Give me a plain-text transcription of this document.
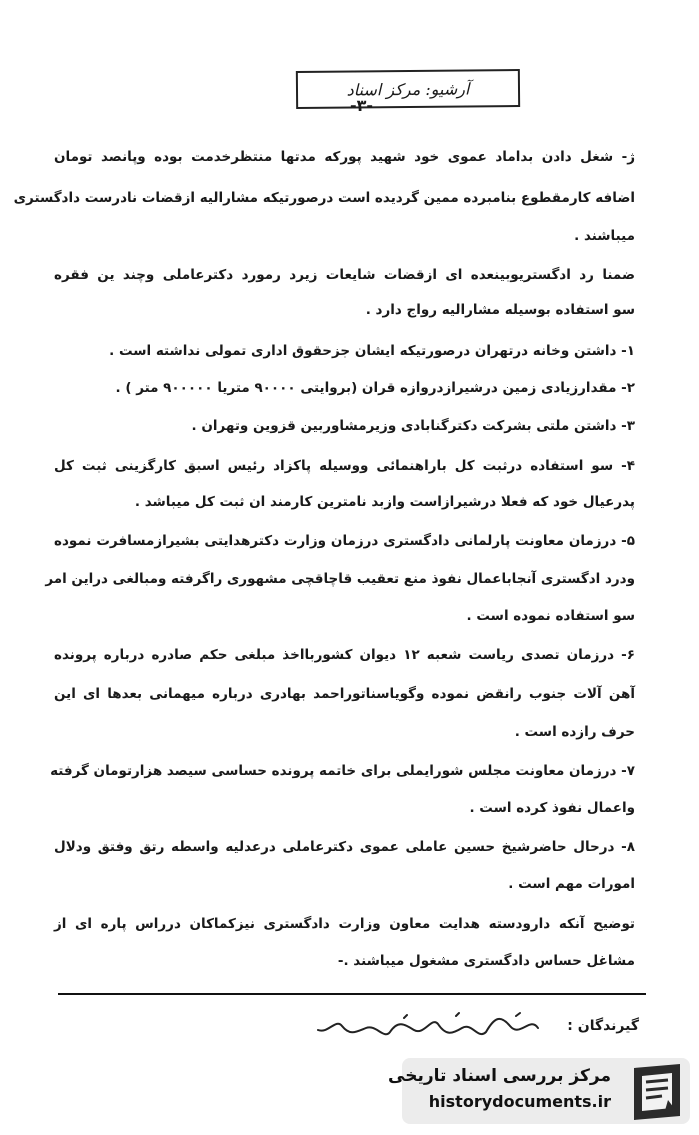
آرشیو: مرکز اسناد
-۳-
ژ- شغل دادن بداماد عموی خود شهید پورکه مدتها منتظرخدمت بوده وپانصد تومان
اضافه کارمقطوع بنامبرده ممین گردیده است درصورتیکه مشارالیه ازقضات نادرست دادگستری
میباشند .
ضمنا رد ادگستریوبینعده ای ازقضات شایعات زیرد رمورد دکترعاملی وچند ین فقره
سو استفاده بوسیله مشارالیه رواج دارد .
۱- داشتن وخانه درتهران درصورتیکه ایشان جزحقوق اداری تمولی نداشته است .
۲- مقدارزیادی زمین درشیرازدروازه قران (بروایتی ۹۰۰۰۰ متریا ۹۰۰۰۰۰ متر ) .
۳- داشتن ملتی بشرکت دکترگنابادی وزیرمشاوربین قزوین وتهران .
۴- سو استفاده درثبت کل باراهنمائی ووسیله پاکزاد رئیس اسبق کارگزینی ثبت کل
پدرعیال خود که فعلا درشیرازاست وازبد نامترین کارمند ان ثبت کل میباشد .
۵- درزمان معاونت پارلمانی دادگستری درزمان وزارت دکترهدایتی بشیرازمسافرت نموده
ودرد ادگستری آنجاباعمال نفوذ منع تعقیب قاچاقچی مشهوری راگرفته ومبالغی دراین امر
سو استفاده نموده است .
۶- درزمان تصدی ریاست شعبه ۱۲ دیوان کشوربااخذ مبلغی حکم صادره درباره پرونده
آهن آلات جنوب رانقض نموده وگویاسناتوراحمد بهادری درباره میهمانی بعدها ای این
حرف رازده است .
۷- درزمان معاونت مجلس شورایملی برای خاتمه پرونده حساسی سیصد هزارتومان گرفته
واعمال نفوذ کرده است .
۸- درحال حاضرشیخ حسین عاملی عموی دکترعاملی درعدلیه واسطه رتق وفتق ودلال
امورات مهم است .
توضیح آنکه دارودسته هدایت معاون وزارت دادگستری نیزکماکان درراس پاره ای از
مشاغل حساس دادگستری مشغول میباشند .-
گیرندگان :
مرکز بررسی اسناد تاریخی
historydocuments.ir
